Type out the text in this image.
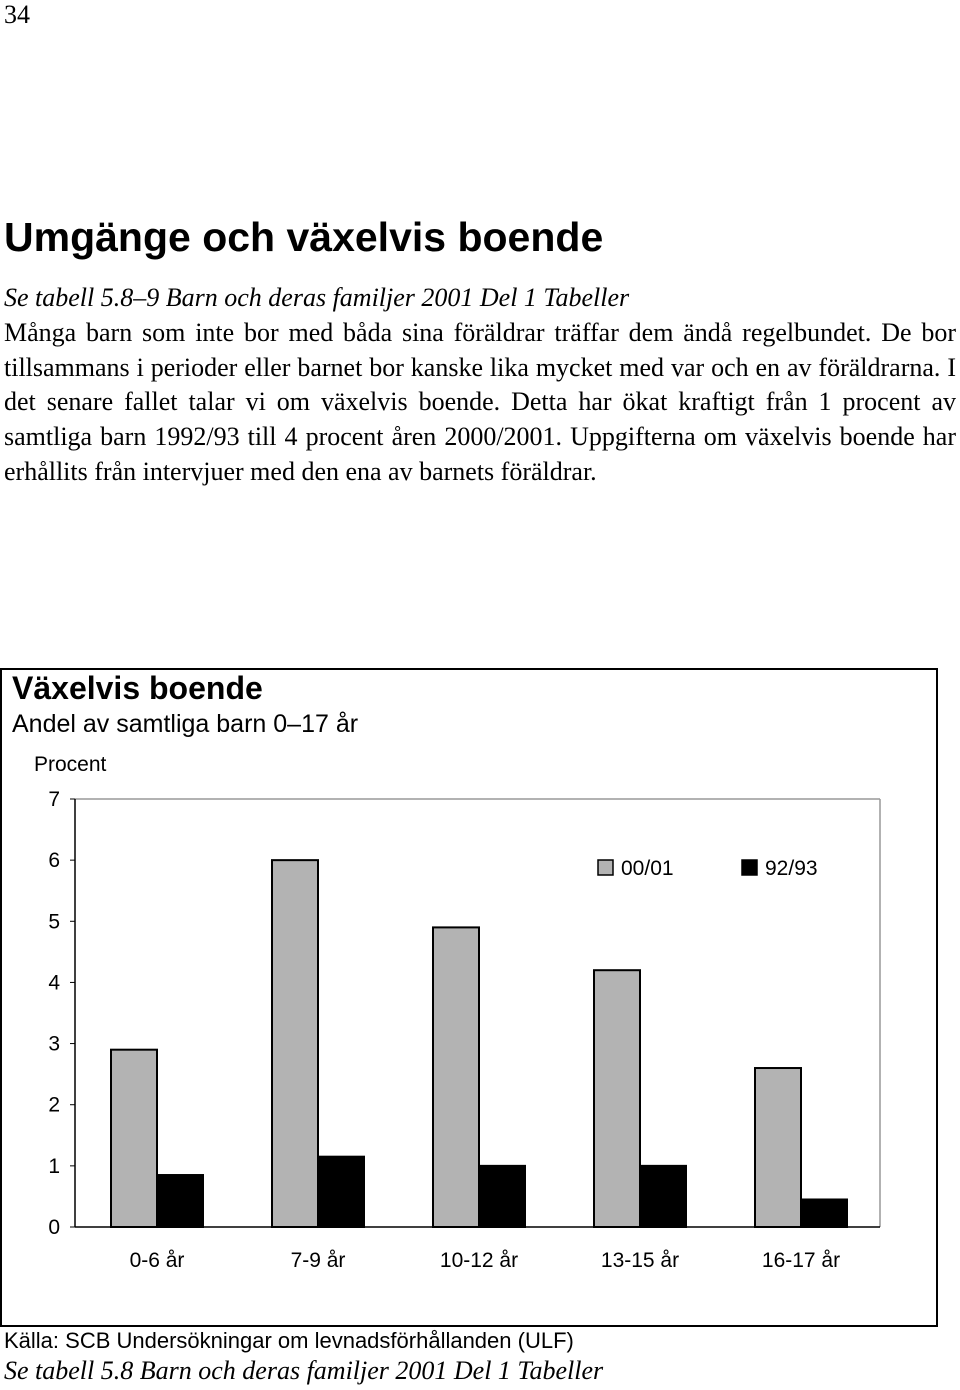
34
Umgänge och växelvis boende
Se tabell 5.8–9 Barn och deras familjer 2001 Del 1 Tabeller

Många barn som inte bor med båda sina föräldrar träffar dem ändå regelbundet. De bor tillsammans i perioder eller barnet bor kanske lika mycket med var och en av föräldrarna. I det senare fallet talar vi om växelvis boende. Detta har ökat kraftigt från 1 procent av samtliga barn 1992/93 till 4 procent åren 2000/2001. Uppgifterna om växelvis boende har erhållits från intervjuer med den ena av barnets föräldrar.

Växelvis boende
Andel av samtliga barn 0–17 år
Procent
0
1
2
3
4
5
6
7
0-6 år	7-9 år	10-12 år	13-15 år	16-17 år
00/01	92/93
Källa: SCB Undersökningar om levnadsförhållanden (ULF)
Se tabell 5.8 Barn och deras familjer 2001 Del 1 Tabeller
